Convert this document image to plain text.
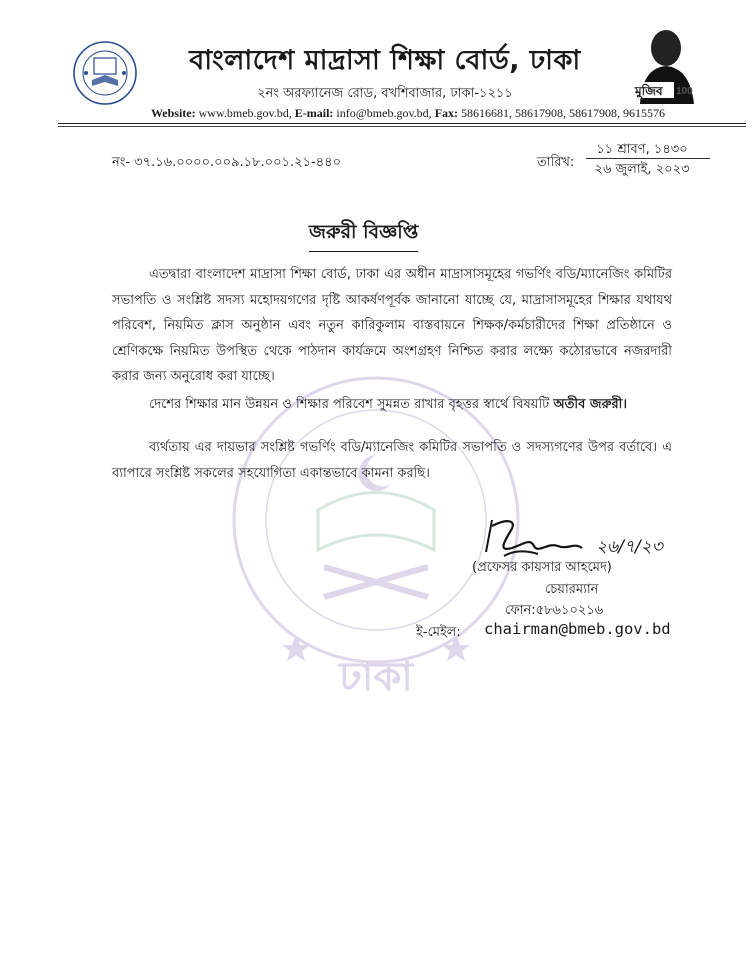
বাংলাদেশ মাদ্রাসা শিক্ষা বোর্ড, ঢাকা
মুজিব 100
২নং অরফ্যানেজ রোড, বখশিবাজার, ঢাকা-১২১১
Website: www.bmeb.gov.bd, E-mail: info@bmeb.gov.bd, Fax: 58616681, 58617908, 58617908, 9615576
নং- ৩৭.১৬.০০০০.০০৯.১৮.০০১.২১-৪৪০	তারিখ:
১১ শ্রাবণ, ১৪৩০
২৬ জুলাই, ২০২৩
ঢাকা
জরুরী বিজ্ঞপ্তি
এতদ্বারা বাংলাদেশ মাদ্রাসা শিক্ষা বোর্ড, ঢাকা এর অধীন মাদ্রাসাসমূহের গভর্ণিং বডি/ম্যানেজিং কমিটির সভাপতি ও সংশ্লিষ্ট সদস্য মহোদয়গণের দৃষ্টি আকর্ষণপূর্বক জানানো যাচ্ছে যে, মাদ্রাসাসমূহের শিক্ষার যথাযথ পরিবেশ, নিয়মিত ক্লাস অনুষ্ঠান এবং নতুন কারিকুলাম বাস্তবায়নে শিক্ষক/কর্মচারীদের শিক্ষা প্রতিষ্ঠানে ও শ্রেণিকক্ষে নিয়মিত উপস্থিত থেকে পাঠদান কার্যক্রমে অংশগ্রহণ নিশ্চিত করার লক্ষ্যে কঠোরভাবে নজরদারী করার জন্য অনুরোধ করা যাচ্ছে।
দেশের শিক্ষার মান উন্নয়ন ও শিক্ষার পরিবেশ সুমন্নত রাখার বৃহত্তর স্বার্থে বিষয়টি অতীব জরুরী।
ব্যর্থতায় এর দায়ভার সংশ্লিষ্ট গভর্ণিং বডি/ম্যানেজিং কমিটির সভাপতি ও সদস্যগণের উপর বর্তাবে। এ ব্যাপারে সংশ্লিষ্ট সকলের সহযোগিতা একান্তভাবে কামনা করছি।
২৬/৭/২৩
(প্রফেসর কায়সার আহমেদ)
চেয়ারম্যান
ফোন:৫৮৬১০২১৬
ই-মেইল: chairman@bmeb.gov.bd
